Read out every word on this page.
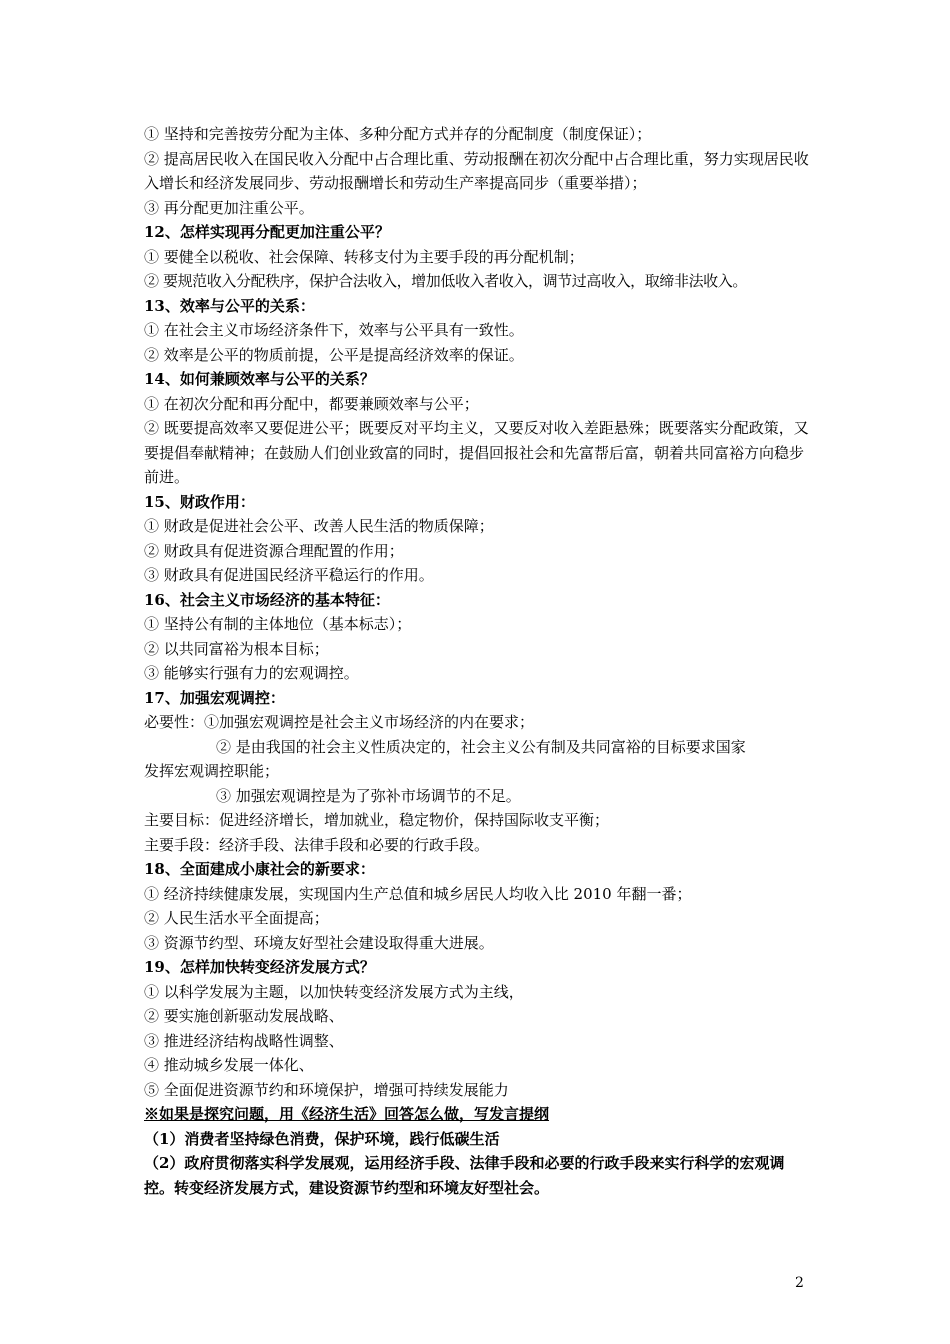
① 坚持和完善按劳分配为主体、多种分配方式并存的分配制度（制度保证）；

② 提高居民收入在国民收入分配中占合理比重、劳动报酬在初次分配中占合理比重，努力实现居民收入增长和经济发展同步、劳动报酬增长和劳动生产率提高同步（重要举措）；

③ 再分配更加注重公平。

12、怎样实现再分配更加注重公平？

① 要健全以税收、社会保障、转移支付为主要手段的再分配机制；

② 要规范收入分配秩序，保护合法收入，增加低收入者收入，调节过高收入，取缔非法收入。

13、效率与公平的关系：

① 在社会主义市场经济条件下，效率与公平具有一致性。

② 效率是公平的物质前提，公平是提高经济效率的保证。

14、如何兼顾效率与公平的关系？

① 在初次分配和再分配中，都要兼顾效率与公平；

② 既要提高效率又要促进公平；既要反对平均主义，又要反对收入差距悬殊；既要落实分配政策，又要提倡奉献精神；在鼓励人们创业致富的同时，提倡回报社会和先富帮后富，朝着共同富裕方向稳步前进。

15、财政作用：

① 财政是促进社会公平、改善人民生活的物质保障；

② 财政具有促进资源合理配置的作用；

③ 财政具有促进国民经济平稳运行的作用。

16、社会主义市场经济的基本特征：

① 坚持公有制的主体地位（基本标志）；

② 以共同富裕为根本目标；

③ 能够实行强有力的宏观调控。

17、加强宏观调控：

必要性：①加强宏观调控是社会主义市场经济的内在要求；

② 是由我国的社会主义性质决定的，社会主义公有制及共同富裕的目标要求国家

发挥宏观调控职能；

③ 加强宏观调控是为了弥补市场调节的不足。

主要目标：促进经济增长，增加就业，稳定物价，保持国际收支平衡；

主要手段：经济手段、法律手段和必要的行政手段。

18、全面建成小康社会的新要求：

① 经济持续健康发展，实现国内生产总值和城乡居民人均收入比 2010 年翻一番；

② 人民生活水平全面提高；

③ 资源节约型、环境友好型社会建设取得重大进展。

19、怎样加快转变经济发展方式？

① 以科学发展为主题，以加快转变经济发展方式为主线，

② 要实施创新驱动发展战略、

③ 推进经济结构战略性调整、

④ 推动城乡发展一体化、

⑤ 全面促进资源节约和环境保护，增强可持续发展能力

※如果是探究问题，用《经济生活》回答怎么做，写发言提纲

（1）消费者坚持绿色消费，保护环境，践行低碳生活

（2）政府贯彻落实科学发展观，运用经济手段、法律手段和必要的行政手段来实行科学的宏观调控。转变经济发展方式，建设资源节约型和环境友好型社会。

2
